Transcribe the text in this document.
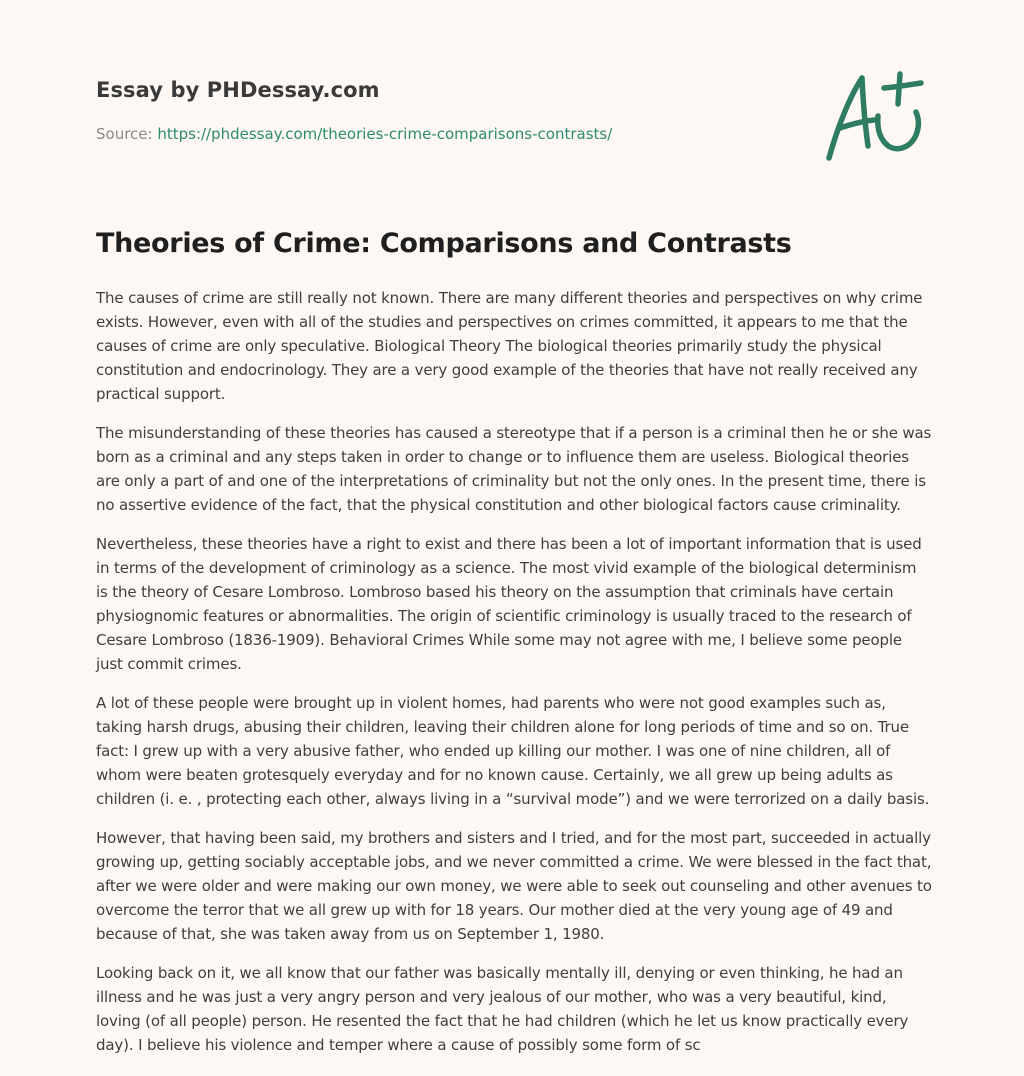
Essay by PHDessay.com
Source: https://phdessay.com/theories-crime-comparisons-contrasts/
Theories of Crime: Comparisons and Contrasts

The causes of crime are still really not known. There are many different theories and perspectives on why crime exists. However, even with all of the studies and perspectives on crimes committed, it appears to me that the causes of crime are only speculative. Biological Theory The biological theories primarily study the physical constitution and endocrinology. They are a very good example of the theories that have not really received any practical support.

The misunderstanding of these theories has caused a stereotype that if a person is a criminal then he or she was born as a criminal and any steps taken in order to change or to influence them are useless. Biological theories are only a part of and one of the interpretations of criminality but not the only ones. In the present time, there is no assertive evidence of the fact, that the physical constitution and other biological factors cause criminality.

Nevertheless, these theories have a right to exist and there has been a lot of important information that is used in terms of the development of criminology as a science. The most vivid example of the biological determinism is the theory of Cesare Lombroso. Lombroso based his theory on the assumption that criminals have certain physiognomic features or abnormalities. The origin of scientific criminology is usually traced to the research of Cesare Lombroso (1836-1909). Behavioral Crimes While some may not agree with me, I believe some people just commit crimes.

A lot of these people were brought up in violent homes, had parents who were not good examples such as, taking harsh drugs, abusing their children, leaving their children alone for long periods of time and so on. True fact: I grew up with a very abusive father, who ended up killing our mother. I was one of nine children, all of whom were beaten grotesquely everyday and for no known cause. Certainly, we all grew up being adults as children (i. e. , protecting each other, always living in a “survival mode”) and we were terrorized on a daily basis.

However, that having been said, my brothers and sisters and I tried, and for the most part, succeeded in actually growing up, getting sociably acceptable jobs, and we never committed a crime. We were blessed in the fact that, after we were older and were making our own money, we were able to seek out counseling and other avenues to overcome the terror that we all grew up with for 18 years. Our mother died at the very young age of 49 and because of that, she was taken away from us on September 1, 1980.

Looking back on it, we all know that our father was basically mentally ill, denying or even thinking, he had an illness and he was just a very angry person and very jealous of our mother, who was a very beautiful, kind, loving (of all people) person. He resented the fact that he had children (which he let us know practically every day). I believe his violence and temper where a cause of possibly some form of sc
